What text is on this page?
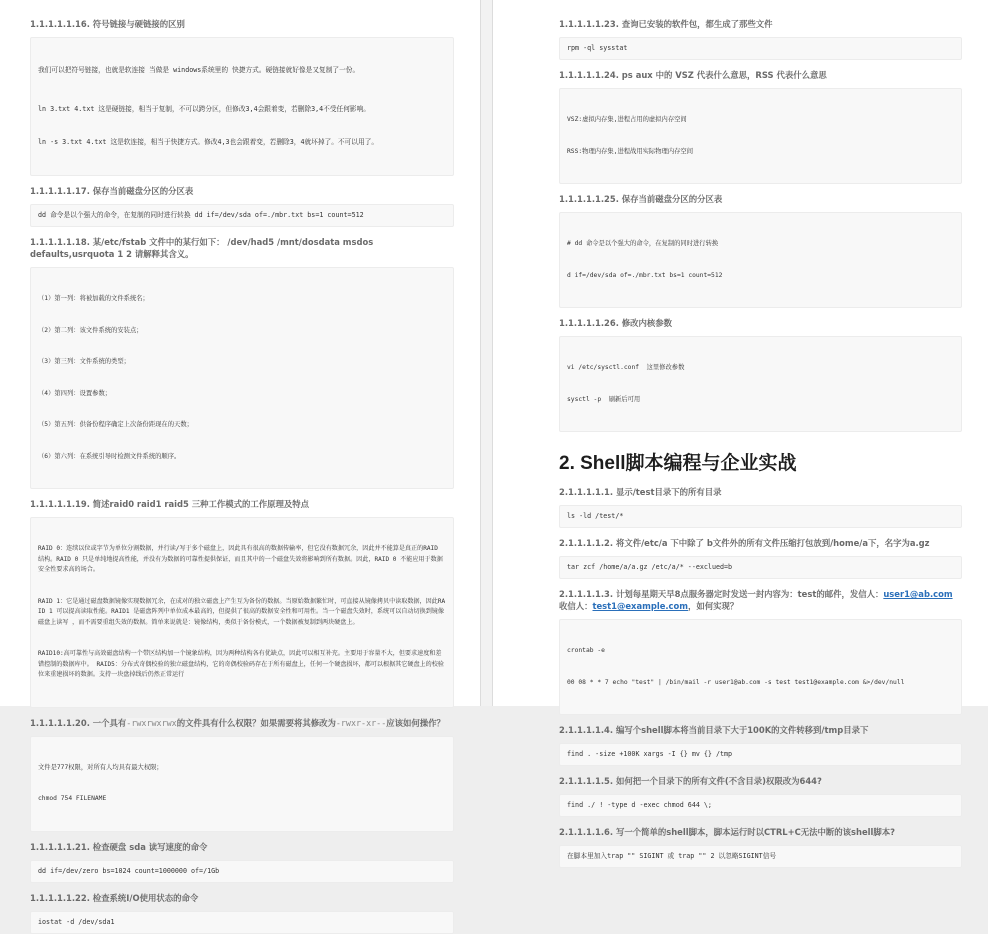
1.1.1.1.1.16. 符号链接与硬链接的区别

我们可以把符号链接，也就是软连接 当做是 windows系统里的 快捷方式。硬链接就好像是又复制了一份。

ln 3.txt 4.txt 这是硬链接，相当于复制，不可以跨分区，但修改3,4会跟着变，若删除3,4不受任何影响。

ln -s 3.txt 4.txt 这是软连接，相当于快捷方式。修改4,3也会跟着变，若删除3，4就坏掉了。不可以用了。

1.1.1.1.1.17. 保存当前磁盘分区的分区表
dd 命令是以个强大的命令，在复制的同时进行转换 dd if=/dev/sda of=./mbr.txt bs=1 count=512
1.1.1.1.1.18. 某/etc/fstab 文件中的某行如下： /dev/had5 /mnt/dosdata msdos defaults,usrquota 1 2 请解释其含义。

（1）第一列：将被加载的文件系统名；

（2）第二列：该文件系统的安装点；

（3）第三列：文件系统的类型；

（4）第四列：设置参数；

（5）第五列：供备份程序确定上次备份距现在的天数；

（6）第六列：在系统引导时检测文件系统的顺序。

1.1.1.1.1.19. 简述raid0 raid1 raid5 三种工作模式的工作原理及特点

RAID 0：连续以位或字节为单位分割数据，并行读/写于多个磁盘上，因此具有很高的数据传输率，但它没有数据冗余，因此并不能算是真正的RAID 结构。RAID 0 只是单纯地提高性能，并没有为数据的可靠性提供保证，而且其中的一个磁盘失效将影响到所有数据。因此，RAID 0 不能应用于数据安全性要求高的场合。

RAID 1：它是通过磁盘数据镜像实现数据冗余，在成对的独立磁盘上产生互为备份的数据。当原始数据繁忙时，可直接从镜像拷贝中读取数据，因此RAID 1 可以提高读取性能。RAID1 是磁盘阵列中单位成本最高的，但提供了很高的数据安全性和可用性。当一个磁盘失效时，系统可以自动切换到镜像磁盘上读写 ，而不需要重组失效的数据。简单来说就是：镜像结构，类似于备份模式，一个数据被复制到两块硬盘上。

RAID10:高可靠性与高效磁盘结构一个带区结构加一个镜象结构，因为两种结构各有优缺点，因此可以相互补充。主要用于容量不大，但要求速度和差错控制的数据库中。 RAID5：分布式奇偶校验的独立磁盘结构，它的奇偶校验码存在于所有磁盘上，任何一个硬盘损坏，都可以根据其它硬盘上的校验位来重建损坏的数据。支持一块盘掉线后仍然正常运行

1.1.1.1.1.20. 一个具有-rwxrwxrwx的文件具有什么权限？如果需要将其修改为-rwxr-xr--应该如何操作？

文件是777权限，对所有人均具有最大权限；

chmod 754 FILENAME

1.1.1.1.1.21. 检查硬盘 sda 读写速度的命令
dd if=/dev/zero bs=1024 count=1000000 of=/1Gb
1.1.1.1.1.22. 检查系统I/O使用状态的命令
iostat -d /dev/sda1
1.1.1.1.1.23. 查询已安装的软件包，都生成了那些文件
rpm -ql sysstat
1.1.1.1.1.24. ps aux 中的 VSZ 代表什么意思，RSS 代表什么意思

VSZ:虚拟内存集,进程占用的虚拟内存空间

RSS:物理内存集,进程战用实际物理内存空间

1.1.1.1.1.25. 保存当前磁盘分区的分区表

# dd 命令是以个强大的命令，在复制的同时进行转换

d if=/dev/sda of=./mbr.txt bs=1 count=512

1.1.1.1.1.26. 修改内核参数

vi /etc/sysctl.conf  这里修改参数

sysctl -p  刷新后可用

2. Shell脚本编程与企业实战
2.1.1.1.1.1. 显示/test目录下的所有目录
ls -ld /test/*
2.1.1.1.1.2. 将文件/etc/a 下中除了 b文件外的所有文件压缩打包放到/home/a下，名字为a.gz
tar zcf /home/a/a.gz /etc/a/* --exclued=b
2.1.1.1.1.3. 计划每星期天早8点服务器定时发送一封内容为：test的邮件，发信人：user1@ab.com 收信人：test1@example.com，如何实现？

crontab -e

00 08 * * 7 echo "test" | /bin/mail -r user1@ab.com -s test test1@example.com &>/dev/null

2.1.1.1.1.4. 编写个shell脚本将当前目录下大于100K的文件转移到/tmp目录下
find . -size +100K xargs -I {} mv {} /tmp
2.1.1.1.1.5. 如何把一个目录下的所有文件(不含目录)权限改为644?
find ./ ! -type d -exec chmod 644 \;
2.1.1.1.1.6. 写一个简单的shell脚本，脚本运行时以CTRL+C无法中断的该shell脚本?
在脚本里加入trap "" SIGINT 或 trap "" 2 以忽略SIGINT信号
